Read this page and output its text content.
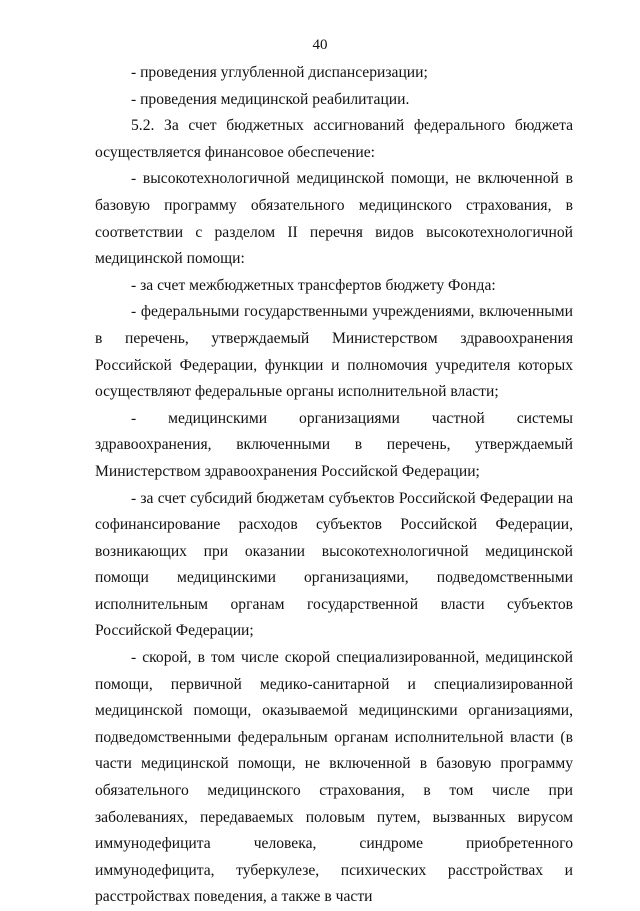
40

- проведения углубленной диспансеризации;

- проведения медицинской реабилитации.

5.2. За счет бюджетных ассигнований федерального бюджета осуществляется финансовое обеспечение:

- высокотехнологичной медицинской помощи, не включенной в базовую программу обязательного медицинского страхования, в соответствии с разделом II перечня видов высокотехнологичной медицинской помощи:

- за счет межбюджетных трансфертов бюджету Фонда:

- федеральными государственными учреждениями, включенными в перечень, утверждаемый Министерством здравоохранения Российской Федерации, функции и полномочия учредителя которых осуществляют федеральные органы исполнительной власти;

- медицинскими организациями частной системы здравоохранения, включенными в перечень, утверждаемый Министерством здравоохранения Российской Федерации;

- за счет субсидий бюджетам субъектов Российской Федерации на софинансирование расходов субъектов Российской Федерации, возникающих при оказании высокотехнологичной медицинской помощи медицинскими организациями, подведомственными исполнительным органам государственной власти субъектов Российской Федерации;

- скорой, в том числе скорой специализированной, медицинской помощи, первичной медико-санитарной и специализированной медицинской помощи, оказываемой медицинскими организациями, подведомственными федеральным органам исполнительной власти (в части медицинской помощи, не включенной в базовую программу обязательного медицинского страхования, в том числе при заболеваниях, передаваемых половым путем, вызванных вирусом иммунодефицита человека, синдроме приобретенного иммунодефицита, туберкулезе, психических расстройствах и расстройствах поведения, а также в части
